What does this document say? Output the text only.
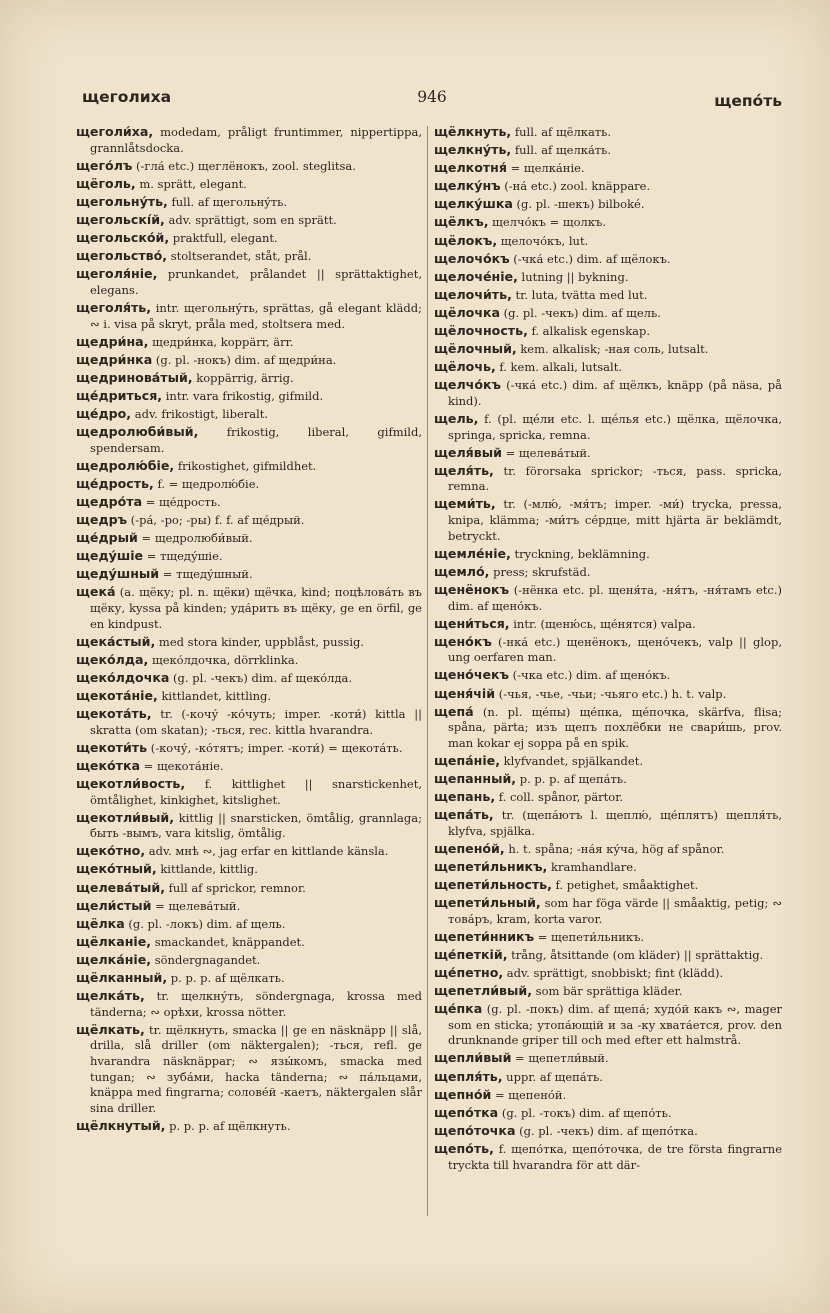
щеголиха	946	щепо́ть

щеголи́ха, modedam, pråligt fruntimmer, nippertippa, grannlåtsdocka.

щего́лъ (-гла́ etc.) щеглёнокъ, zool. steglitsa.

щёголь, m. sprätt, elegant.

щегольну́ть, full. af щегольнýть.

щегольскі́й, adv. sprättigt, som en sprätt.

щегольско́й, praktfull, elegant.

щегольство́, stoltserandet, ståt, prål.

щеголя́ніе, prunkandet, prålandet || sprättaktighet, elegans.

щеголя́ть, intr. щегольнýть, sprättas, gå elegant klädd; ∾ i. visa på skryt, pråla med, stoltsera med.

щедри́на, щедри́нка, koppärr, ärr.

щедри́нка (g. pl. -нокъ) dim. af щедри́на.

щедринова́тый, koppärrig, ärrig.

ще́дриться, intr. vara frikostig, gifmild.

ще́дро, adv. frikostigt, liberalt.

щедролюби́вый, frikostig, liberal, gifmild, spendersam.

щедролю́біе, frikostighet, gifmildhet.

ще́дрость, f. = щедролю́біе.

щедро́та = ще́дрость.

щедръ (-ра́, -ро; -ры) f. f. af ще́дрый.

ще́дрый = щедролюби́вый.

щеду́шіе = тщеду́шіе.

щеду́шный = тщеду́шный.

щека́ (a. щёку; pl. n. щёки) щёчка, kind; поцѣлова́ть въ щёку, kyssa på kinden; уда́рить въ щёку, ge en örfil, ge en kindpust.

щека́стый, med stora kinder, uppblåst, pussig.

щеко́лда, щеко́лдочка, dörrklinka.

щеко́лдочка (g. pl. -чекъ) dim. af щеко́лда.

щекота́ніе, kittlandet, kittling.

щекота́ть, tr. (-кочу́ -ко́чуть; imper. -коти́) kittla || skratta (om skatan); -ться, rec. kittla hvarandra.

щекоти́ть (-кочу́, -ко́тятъ; imper. -коти́) = щекота́ть.

щеко́тка = щекота́ніе.

щекотли́вость, f. kittlighet || snarstickenhet, ömtålighet, kinkighet, kitslighet.

щекотли́вый, kittlig || snarsticken, ömtålig, grannlaga; быть -вымъ, vara kitslig, ömtålig.

щеко́тно, adv. мнѣ ∾, jag erfar en kittlande känsla.

щеко́тный, kittlande, kittlig.

щелева́тый, full af sprickor, remnor.

щели́стый = щелева́тый.

щёлка (g. pl. -локъ) dim. af щель.

щёлканіе, smackandet, knäppandet.

щелка́ніе, söndergnagandet.

щёлканный, p. p. p. af щёлкать.

щелка́ть, tr. щелкну́ть, söndergnaga, krossa med tänderna; ∾ орѣхи, krossa nötter.

щёлкать, tr. щёлкнуть, smacka || ge en näsknäpp || slå, drilla, slå driller (om näktergalen); -ться, refl. ge hvarandra näsknäppar; ∾ язы́комъ, smacka med tungan; ∾ зуба́ми, hacka tänderna; ∾ па́льцами, knäppa med fingrarna; солове́й -каетъ, näktergalen slår sina driller.

щёлкнутый, p. p. p. af щёлкнуть.

щёлкнуть, full. af щёлкать.

щелкну́ть, full. af щелка́ть.

щелкотня́ = щелка́ніе.

щелку́нъ (-на́ etc.) zool. knäpparе.

щелку́шка (g. pl. -шекъ) bilboké.

щёлкъ, щелчо́къ = щолкъ.

щёлокъ, щелочо́къ, lut.

щелочо́къ (-чка́ etc.) dim. af щёлокъ.

щелоче́ніе, lutning || bykning.

щелочи́ть, tr. luta, tvätta med lut.

щёлочка (g. pl. -чекъ) dim. af щель.

щёлочность, f. alkalisk egenskap.

щёлочный, kem. alkalisk; -ная соль, lutsalt.

щёлочь, f. kem. alkali, lutsalt.

щелчо́къ (-чка́ etc.) dim. af щёлкъ, knäpp (på näsa, på kind).

щель, f. (pl. щéли etc. l. щéлья etc.) щёлка, щёлочка, springa, spricka, remna.

щеля́вый = щелева́тый.

щеля́ть, tr. förorsaka sprickor; -ться, pass. spricka, remna.

щеми́ть, tr. (-млю́, -мя́тъ; imper. -ми́) trycka, pressa, knipa, klämma; -ми́тъ се́рдце, mitt hjärta är beklämdt, betryckt.

щемле́ніе, tryckning, beklämning.

щемло́, press; skrufstäd.

щенёнокъ (-нёнка etc. pl. щеня́та, -ня́тъ, -ня́тамъ etc.) dim. af щено́къ.

щени́ться, intr. (щеню́сь, ще́нятся) valpa.

щено́къ (-нка́ etc.) щенёнокъ, щено́чекъ, valp || glop, ung oerfaren man.

щено́чекъ (-чка etc.) dim. af щено́къ.

щеня́чій (-чья, -чье, -чьи; -чьяго etc.) h. t. valp.

щепа́ (n. pl. ще́пы) ще́пка, ще́почка, skärfva, flisa; spåna, pärta; изъ щепъ похлёбки не свари́шь, prov. man kokar ej soppa på en spik.

щепа́ніе, klyfvandet, spjälkandet.

щепанный, p. p. p. af щепа́ть.

щепань, f. coll. spånor, pärtor.

щепа́ть, tr. (щепа́ютъ l. щеплю́, ще́плятъ) щепля́ть, klyfva, spjälka.

щепено́й, h. t. spåna; -на́я ку́ча, hög af spånor.

щепети́льникъ, kramhandlare.

щепети́льность, f. petighet, småaktighet.

щепети́льный, som har föga värde || småaktig, petig; ∾ това́ръ, kram, korta varor.

щепети́нникъ = щепети́льникъ.

ще́петкій, trång, åtsittande (om kläder) || sprättaktig.

ще́петно, adv. sprättigt, snobbiskt; fint (klädd).

щепетли́вый, som bär sprättiga kläder.

ще́пка (g. pl. -покъ) dim. af щепа́; худо́й какъ ∾, mager som en sticka; утопа́ющій и за -ку хвата́ется, prov. den drunknande griper till och med efter ett halmstrå.

щепли́вый = щепетли́вый.

щепля́ть, uppr. af щепа́ть.

щепно́й = щепено́й.

щепо́тка (g. pl. -токъ) dim. af щепо́ть.

щепо́точка (g. pl. -чекъ) dim. af щепо́тка.

щепо́ть, f. щепо́тка, щепо́точка, de tre första fingrarne tryckta till hvarandra för att där-
